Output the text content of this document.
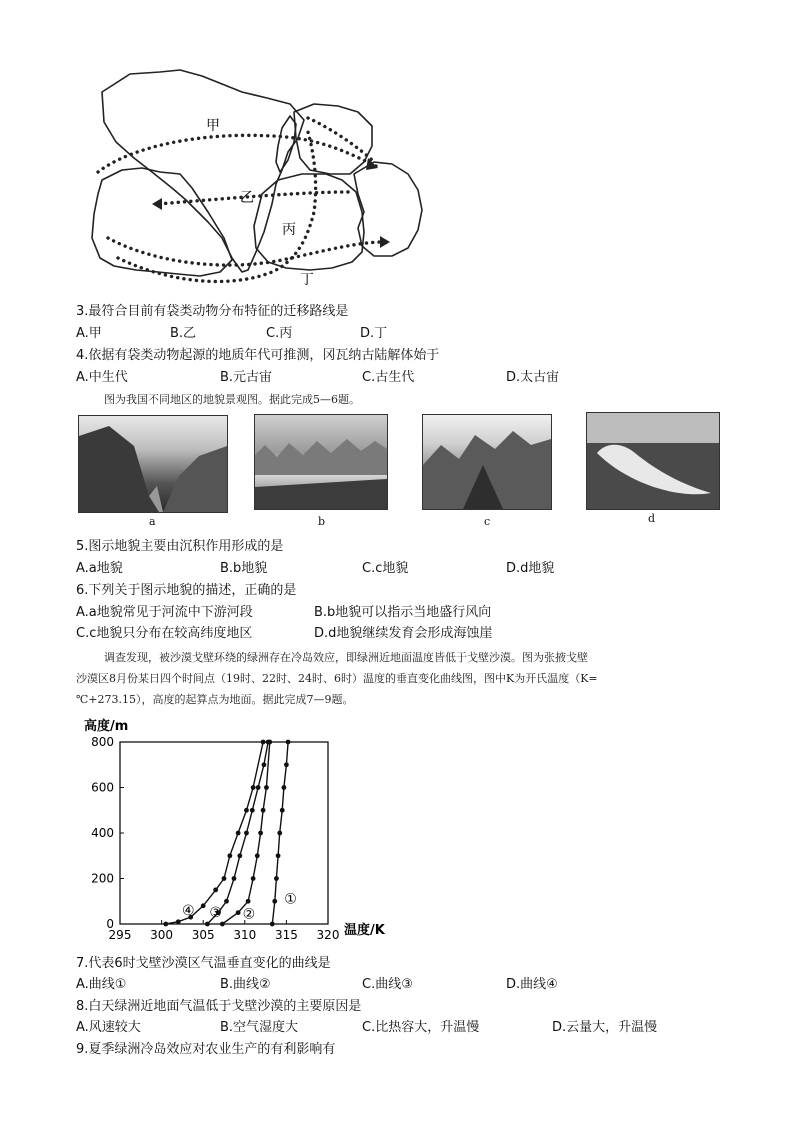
甲
乙
丙
丁
3.最符合目前有袋类动物分布特征的迁移路线是
A.甲	B.乙	C.丙	D.丁
4.依据有袋类动物起源的地质年代可推测，冈瓦纳古陆解体始于
A.中生代	B.元古宙	C.古生代	D.太古宙
图为我国不同地区的地貌景观图。据此完成5—6题。
a	b	c	d
5.图示地貌主要由沉积作用形成的是
A.a地貌	B.b地貌	C.c地貌	D.d地貌
6.下列关于图示地貌的描述，正确的是
A.a地貌常见于河流中下游河段	B.b地貌可以指示当地盛行风向
C.c地貌只分布在较高纬度地区	D.d地貌继续发育会形成海蚀崖
调查发现，被沙漠戈壁环绕的绿洲存在冷岛效应，即绿洲近地面温度皆低于戈壁沙漠。图为张掖戈壁
沙漠区8月份某日四个时间点（19时、22时、24时、6时）温度的垂直变化曲线图，图中K为开氏温度（K=
℃+273.15），高度的起算点为地面。据此完成7—9题。
高度/m
温度/K
295 300 305 310 315 320
0
200
400
600
800
①
②
③
④
7.代表6时戈壁沙漠区气温垂直变化的曲线是
A.曲线①	B.曲线②	C.曲线③	D.曲线④
8.白天绿洲近地面气温低于戈壁沙漠的主要原因是
A.风速较大	B.空气湿度大	C.比热容大，升温慢	D.云量大，升温慢
9.夏季绿洲冷岛效应对农业生产的有利影响有
